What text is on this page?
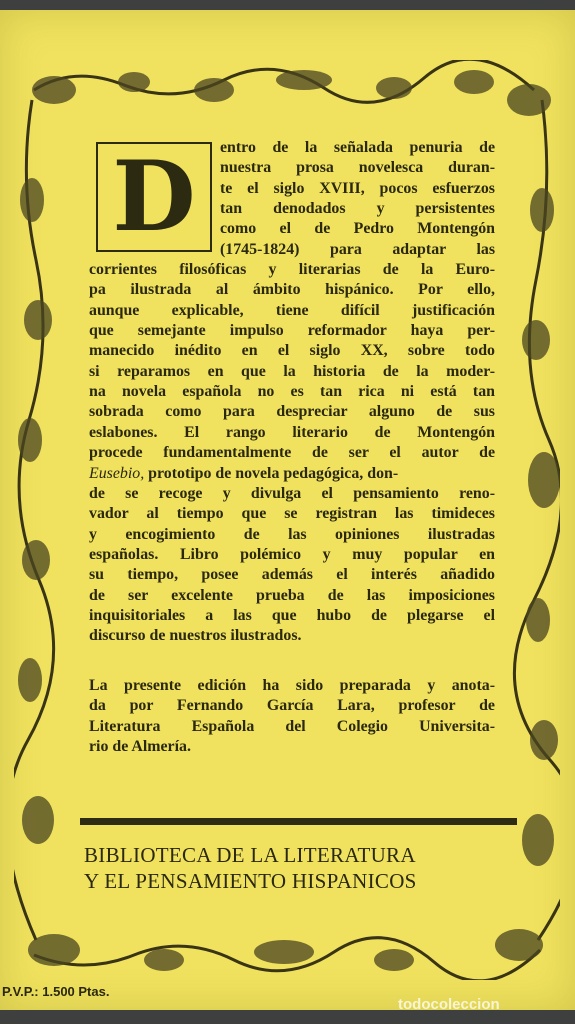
D	entro de la señalada penuria de
nuestra prosa novelesca duran-
te el siglo XVIII, pocos esfuerzos
tan denodados y persistentes
como el de Pedro Montengón
(1745-1824) para adaptar las
corrientes filosóficas y literarias de la Euro-
pa ilustrada al ámbito hispánico. Por ello,
aunque explicable, tiene difícil justificación
que semejante impulso reformador haya per-
manecido inédito en el siglo XX, sobre todo
si reparamos en que la historia de la moder-
na novela española no es tan rica ni está tan
sobrada como para despreciar alguno de sus
eslabones. El rango literario de Montengón
procede fundamentalmente de ser el autor de
Eusebio, prototipo de novela pedagógica, don-
de se recoge y divulga el pensamiento reno-
vador al tiempo que se registran las timideces
y encogimiento de las opiniones ilustradas
españolas. Libro polémico y muy popular en
su tiempo, posee además el interés añadido
de ser excelente prueba de las imposiciones
inquisitoriales a las que hubo de plegarse el
discurso de nuestros ilustrados.
La presente edición ha sido preparada y anota-
da por Fernando García Lara, profesor de
Literatura Española del Colegio Universita-
rio de Almería.
BIBLIOTECA DE LA LITERATURA
Y EL PENSAMIENTO HISPANICOS
P.V.P.: 1.500 Ptas.
todocoleccion
